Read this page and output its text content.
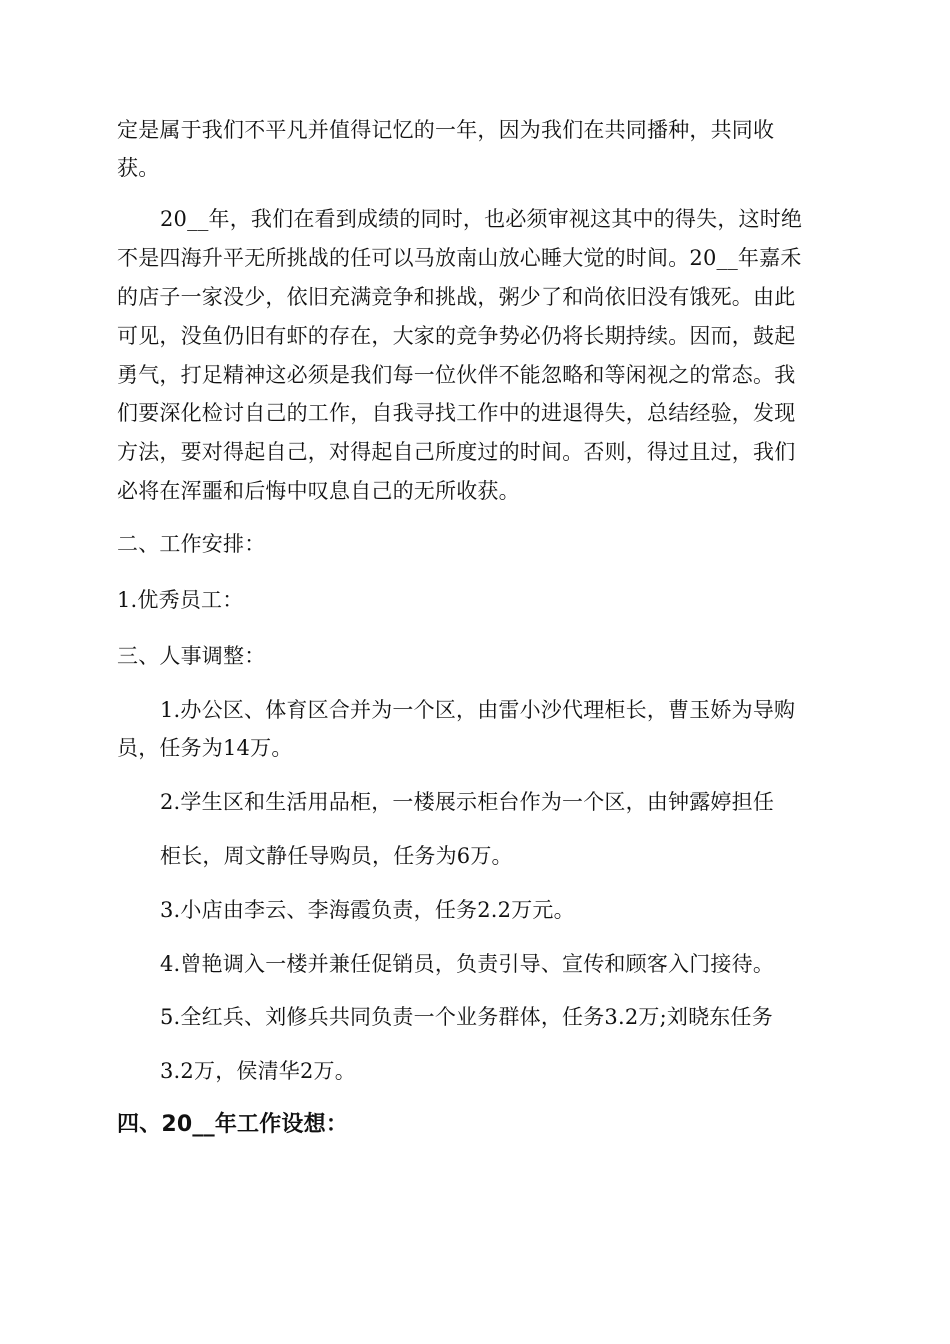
定是属于我们不平凡并值得记忆的一年，因为我们在共同播种，共同收
获。
20__年，我们在看到成绩的同时，也必须审视这其中的得失，这时绝
不是四海升平无所挑战的任可以马放南山放心睡大觉的时间。20__年嘉禾
的店子一家没少，依旧充满竞争和挑战，粥少了和尚依旧没有饿死。由此
可见，没鱼仍旧有虾的存在，大家的竞争势必仍将长期持续。因而，鼓起
勇气，打足精神这必须是我们每一位伙伴不能忽略和等闲视之的常态。我
们要深化检讨自己的工作，自我寻找工作中的进退得失，总结经验，发现
方法，要对得起自己，对得起自己所度过的时间。否则，得过且过，我们
必将在浑噩和后悔中叹息自己的无所收获。
二、工作安排：
1.优秀员工：
三、人事调整：
1.办公区、体育区合并为一个区，由雷小沙代理柜长，曹玉娇为导购
员，任务为14万。
2.学生区和生活用品柜，一楼展示柜台作为一个区，由钟露婷担任
柜长，周文静任导购员，任务为6万。
3.小店由李云、李海霞负责，任务2.2万元。
4.曾艳调入一楼并兼任促销员，负责引导、宣传和顾客入门接待。
5.全红兵、刘修兵共同负责一个业务群体，任务3.2万;刘晓东任务
3.2万，侯清华2万。
四、20__年工作设想：
